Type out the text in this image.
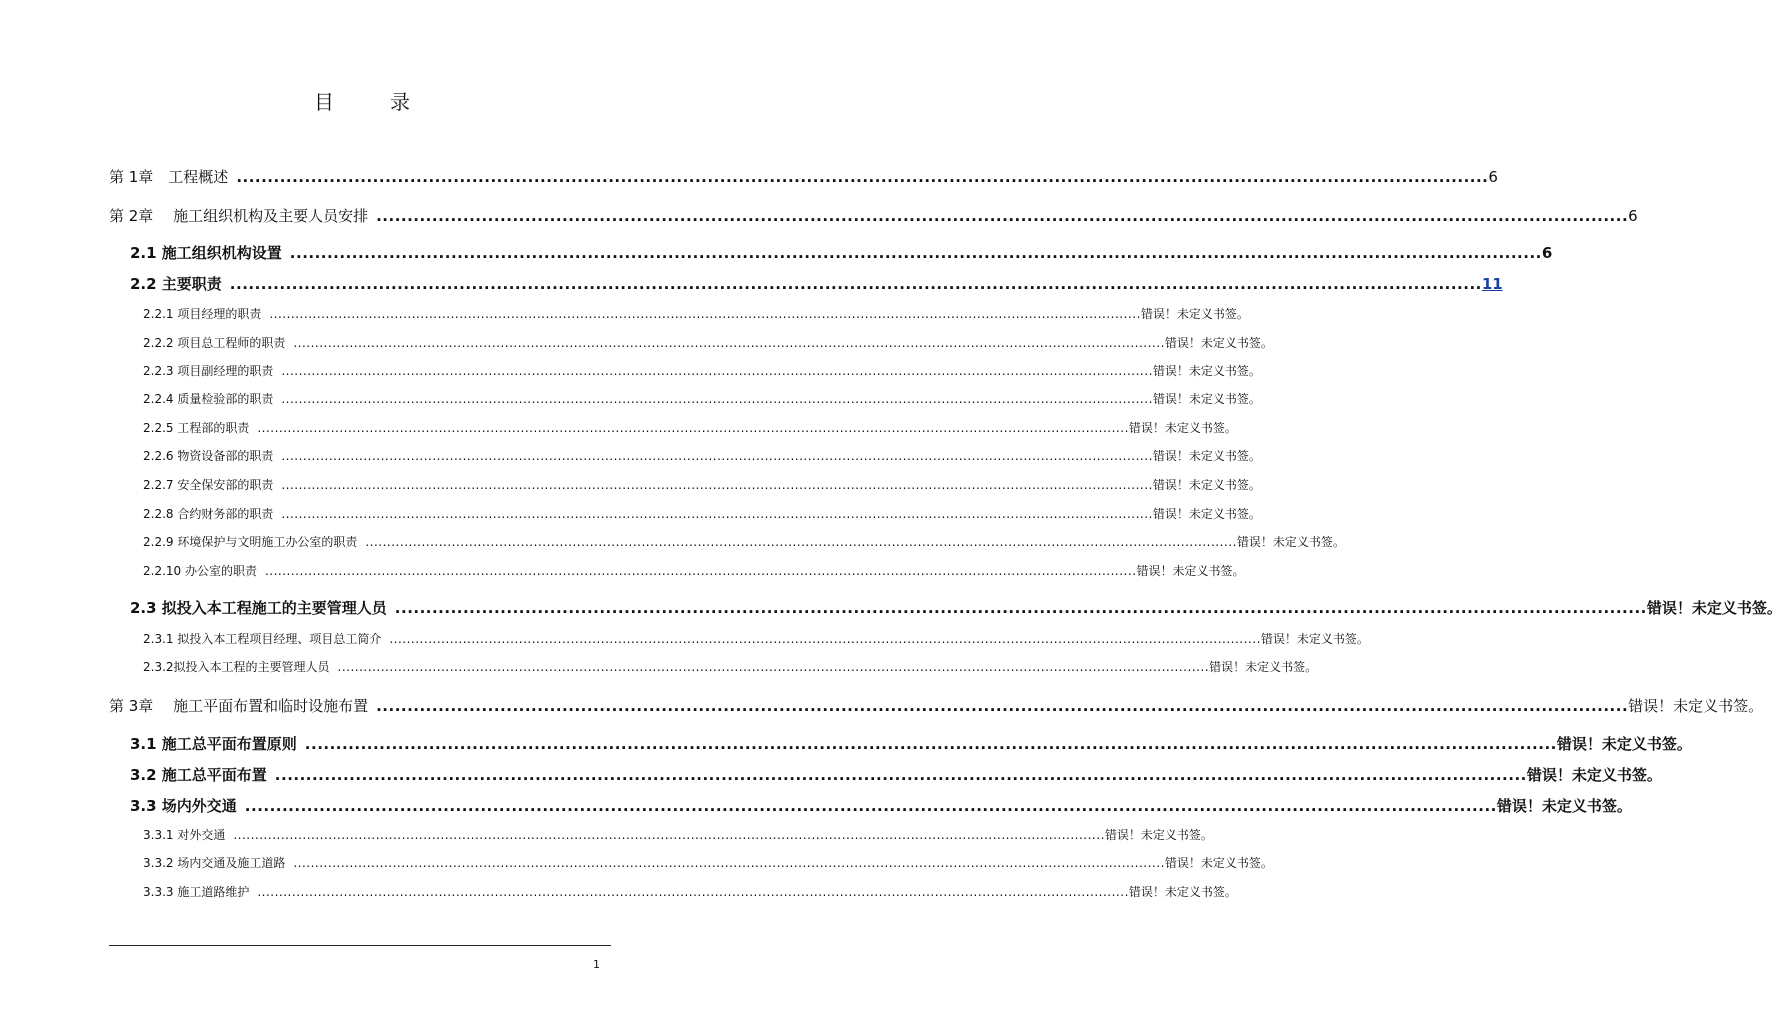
目　录
第 1章　工程概述 .......................................................................................................................................................................................................... 6
第 2章　 施工组织机构及主要人员安排 .......................................................................................................................................................................................................... 6
2.1 施工组织机构设置 .......................................................................................................................................................................................................... 6
2.2 主要职责 .......................................................................................................................................................................................................... 11
2.2.1 项目经理的职责 .......................................................................................................................................................................................................... 错误！未定义书签。
2.2.2 项目总工程师的职责 .......................................................................................................................................................................................................... 错误！未定义书签。
2.2.3 项目副经理的职责 .......................................................................................................................................................................................................... 错误！未定义书签。
2.2.4 质量检验部的职责 .......................................................................................................................................................................................................... 错误！未定义书签。
2.2.5 工程部的职责 .......................................................................................................................................................................................................... 错误！未定义书签。
2.2.6 物资设备部的职责 .......................................................................................................................................................................................................... 错误！未定义书签。
2.2.7 安全保安部的职责 .......................................................................................................................................................................................................... 错误！未定义书签。
2.2.8 合约财务部的职责 .......................................................................................................................................................................................................... 错误！未定义书签。
2.2.9 环境保护与文明施工办公室的职责 .......................................................................................................................................................................................................... 错误！未定义书签。
2.2.10 办公室的职责 .......................................................................................................................................................................................................... 错误！未定义书签。
2.3 拟投入本工程施工的主要管理人员 .......................................................................................................................................................................................................... 错误！未定义书签。
2.3.1 拟投入本工程项目经理、项目总工简介 .......................................................................................................................................................................................................... 错误！未定义书签。
2.3.2拟投入本工程的主要管理人员 .......................................................................................................................................................................................................... 错误！未定义书签。
第 3章　 施工平面布置和临时设施布置 .......................................................................................................................................................................................................... 错误！未定义书签。
3.1 施工总平面布置原则 .......................................................................................................................................................................................................... 错误！未定义书签。
3.2 施工总平面布置 .......................................................................................................................................................................................................... 错误！未定义书签。
3.3 场内外交通 .......................................................................................................................................................................................................... 错误！未定义书签。
3.3.1 对外交通 .......................................................................................................................................................................................................... 错误！未定义书签。
3.3.2 场内交通及施工道路 .......................................................................................................................................................................................................... 错误！未定义书签。
3.3.3 施工道路维护 .......................................................................................................................................................................................................... 错误！未定义书签。
1
